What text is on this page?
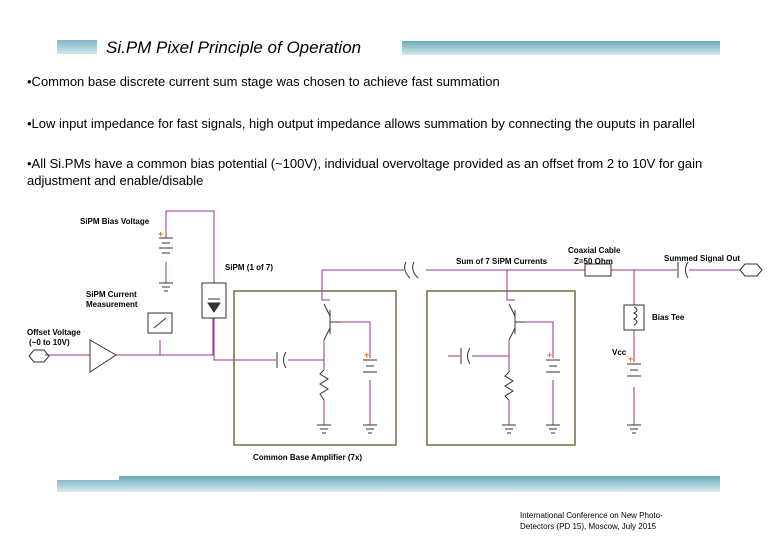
Si.PM Pixel Principle of Operation
•Common base discrete current sum stage was chosen to achieve fast summation
•Low input impedance for fast signals, high output impedance allows summation by connecting the ouputs in parallel
•All Si.PMs have a common bias potential (~100V), individual overvoltage provided as an offset from 2 to 10V for gain adjustment and enable/disable
+
+	+	+
SiPM Bias Voltage
SiPM (1 of 7)
SiPM Current
Measurement
Offset Voltage
(~0 to 10V)
Sum of 7 SiPM Currents
Coaxial Cable
Z=50 Ohm	Summed Signal Out
Bias Tee
Vcc
Common Base Amplifier (7x)
International Conference on New Photo-
Detectors (PD 15), Moscow, July 2015
